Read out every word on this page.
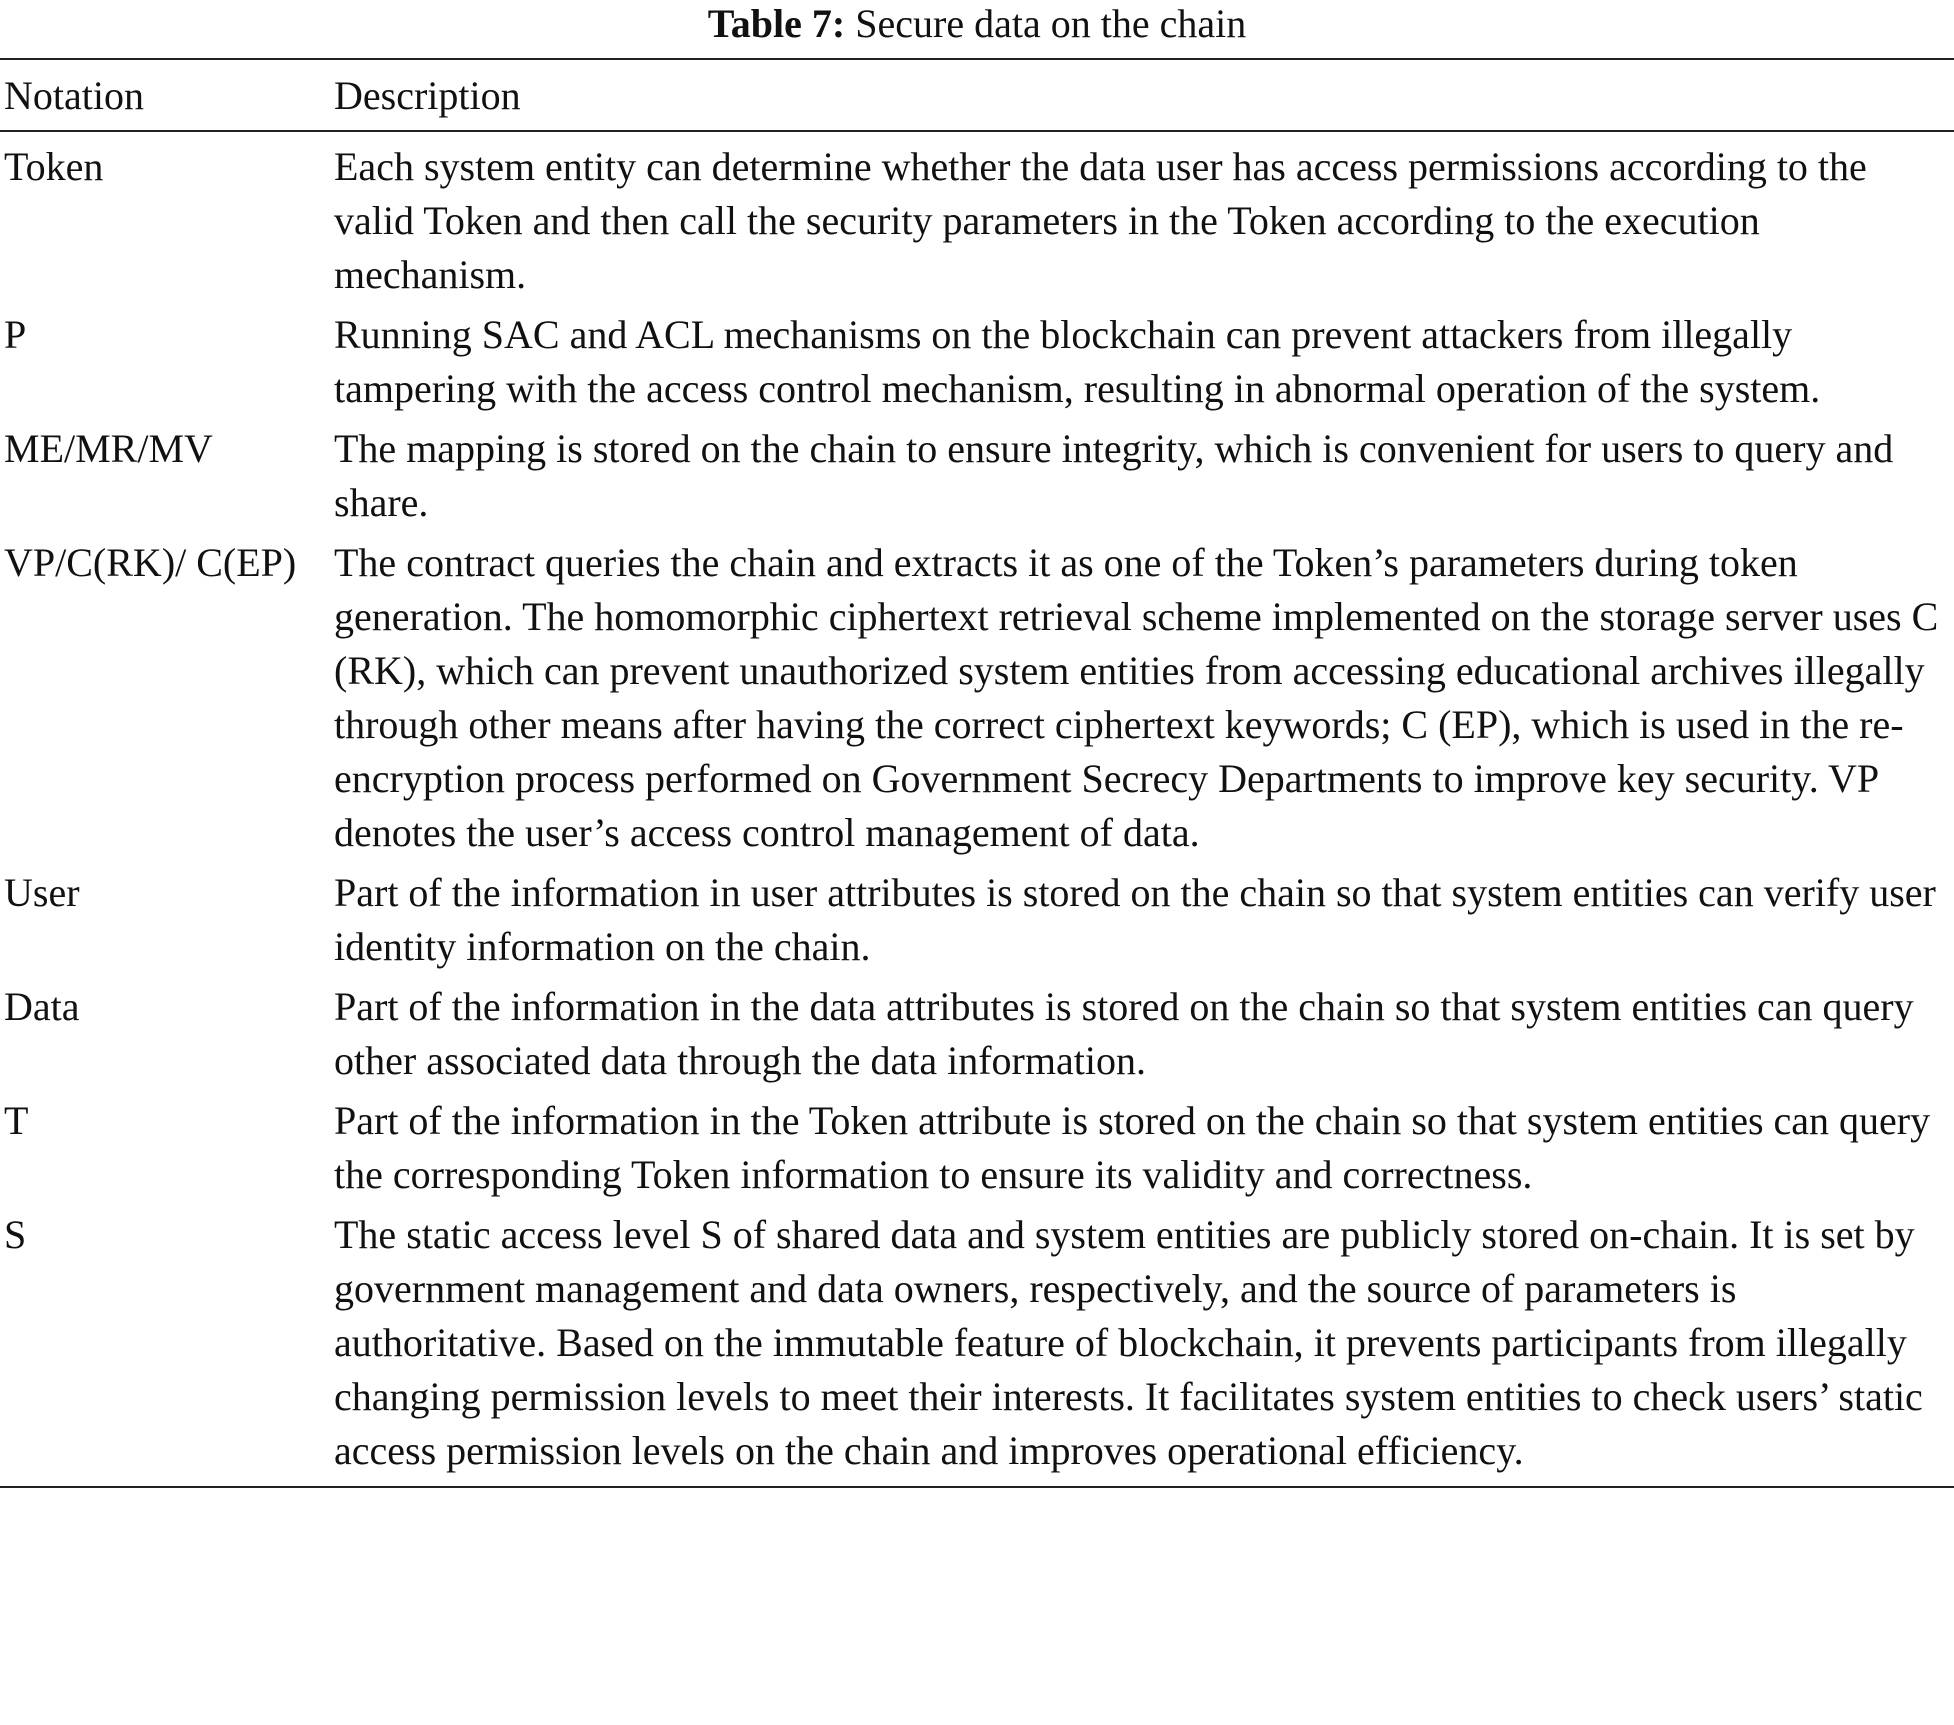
Table 7: Secure data on the chain
Notation	Description
Token	Each system entity can determine whether the data user has access permissions according to the valid Token and then call the security parameters in the Token according to the execution mechanism.
P	Running SAC and ACL mechanisms on the blockchain can prevent attackers from illegally tampering with the access control mechanism, resulting in abnormal operation of the system.
ME/MR/MV	The mapping is stored on the chain to ensure integrity, which is convenient for users to query and share.
VP/C(RK)/ C(EP)	The contract queries the chain and extracts it as one of the Token’s parameters during token generation. The homomorphic ciphertext retrieval scheme implemented on the storage server uses C (RK), which can prevent unauthorized system entities from accessing educational archives illegally through other means after having the correct ciphertext keywords; C (EP), which is used in the re-encryption process performed on Government Secrecy Departments to improve key security. VP denotes the user’s access control management of data.
User	Part of the information in user attributes is stored on the chain so that system entities can verify user identity information on the chain.
Data	Part of the information in the data attributes is stored on the chain so that system entities can query other associated data through the data information.
T	Part of the information in the Token attribute is stored on the chain so that system entities can query the corresponding Token information to ensure its validity and correctness.
S	The static access level S of shared data and system entities are publicly stored on-chain. It is set by government management and data owners, respectively, and the source of parameters is authoritative. Based on the immutable feature of blockchain, it prevents participants from illegally changing permission levels to meet their interests. It facilitates system entities to check users’ static access permission levels on the chain and improves operational efficiency.
